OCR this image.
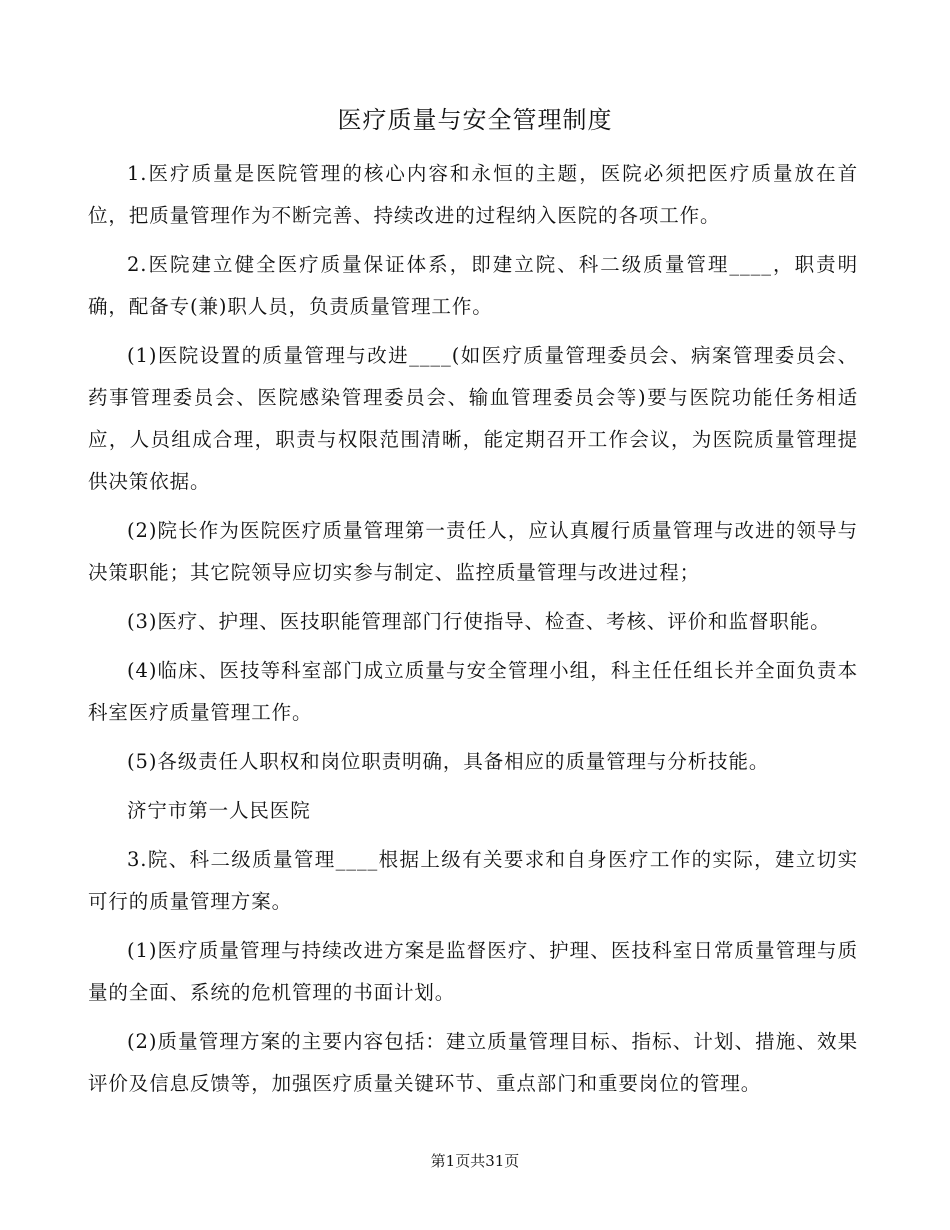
医疗质量与安全管理制度

1.医疗质量是医院管理的核心内容和永恒的主题，医院必须把医疗质量放在首位，把质量管理作为不断完善、持续改进的过程纳入医院的各项工作。

2.医院建立健全医疗质量保证体系，即建立院、科二级质量管理____，职责明确，配备专(兼)职人员，负责质量管理工作。

(1)医院设置的质量管理与改进____(如医疗质量管理委员会、病案管理委员会、药事管理委员会、医院感染管理委员会、输血管理委员会等)要与医院功能任务相适应，人员组成合理，职责与权限范围清晰，能定期召开工作会议，为医院质量管理提供决策依据。

(2)院长作为医院医疗质量管理第一责任人，应认真履行质量管理与改进的领导与决策职能；其它院领导应切实参与制定、监控质量管理与改进过程；

(3)医疗、护理、医技职能管理部门行使指导、检查、考核、评价和监督职能。

(4)临床、医技等科室部门成立质量与安全管理小组，科主任任组长并全面负责本科室医疗质量管理工作。

(5)各级责任人职权和岗位职责明确，具备相应的质量管理与分析技能。

济宁市第一人民医院

3.院、科二级质量管理____根据上级有关要求和自身医疗工作的实际，建立切实可行的质量管理方案。

(1)医疗质量管理与持续改进方案是监督医疗、护理、医技科室日常质量管理与质量的全面、系统的危机管理的书面计划。

(2)质量管理方案的主要内容包括：建立质量管理目标、指标、计划、措施、效果评价及信息反馈等，加强医疗质量关键环节、重点部门和重要岗位的管理。

第1页共31页
